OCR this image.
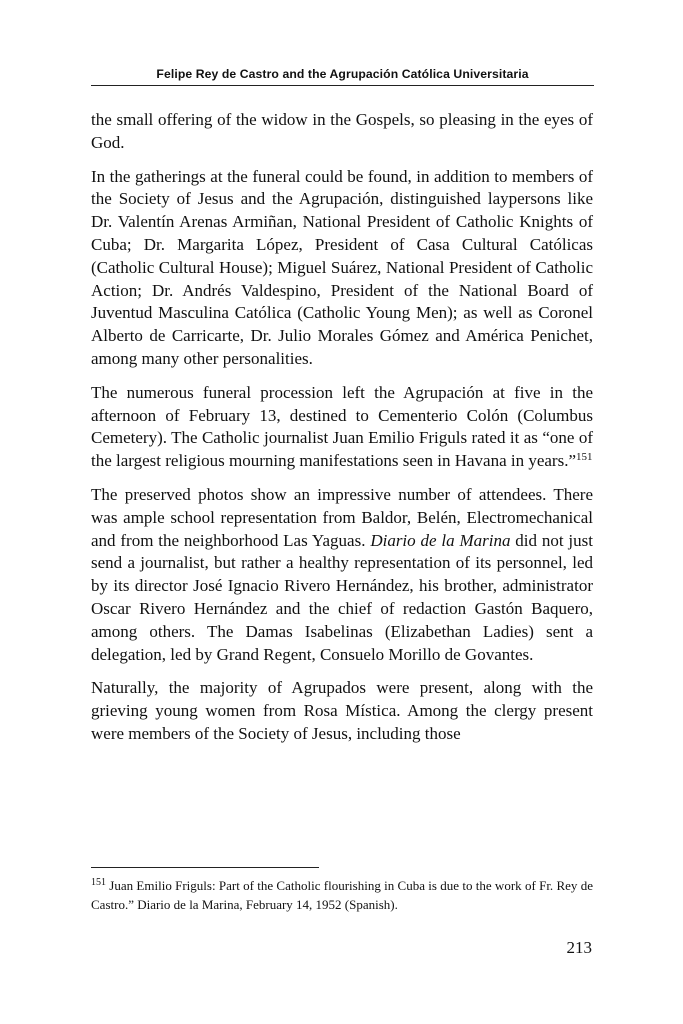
Felipe Rey de Castro and the Agrupación Católica Universitaria

the small offering of the widow in the Gospels, so pleasing in the eyes of God.

In the gatherings at the funeral could be found, in addition to members of the Society of Jesus and the Agrupación, distinguished laypersons like Dr. Valentín Arenas Armiñan, National President of Catholic Knights of Cuba; Dr. Margarita López, President of Casa Cultural Católicas (Catholic Cultural House); Miguel Suárez, National President of Catholic Action; Dr. Andrés Valdespino, President of the National Board of Juventud Masculina Católica (Catholic Young Men); as well as Coronel Alberto de Carricarte, Dr. Julio Morales Gómez and América Penichet, among many other personalities.

The numerous funeral procession left the Agrupación at five in the afternoon of February 13, destined to Cementerio Colón (Columbus Cemetery). The Catholic journalist Juan Emilio Friguls rated it as “one of the largest religious mourning manifestations seen in Havana in years.”$^{151}$

The preserved photos show an impressive number of attendees. There was ample school representation from Baldor, Belén, Electromechanical and from the neighborhood Las Yaguas. Diario de la Marina did not just send a journalist, but rather a healthy representation of its personnel, led by its director José Ignacio Rivero Hernández, his brother, administrator Oscar Rivero Hernández and the chief of redaction Gastón Baquero, among others. The Damas Isabelinas (Elizabethan Ladies) sent a delegation, led by Grand Regent, Consuelo Morillo de Govantes.

Naturally, the majority of Agrupados were present, along with the grieving young women from Rosa Mística. Among the clergy present were members of the Society of Jesus, including those

$^{151}$ Juan Emilio Friguls: Part of the Catholic flourishing in Cuba is due to the work of Fr. Rey de Castro.” Diario de la Marina, February 14, 1952 (Spanish).
213
